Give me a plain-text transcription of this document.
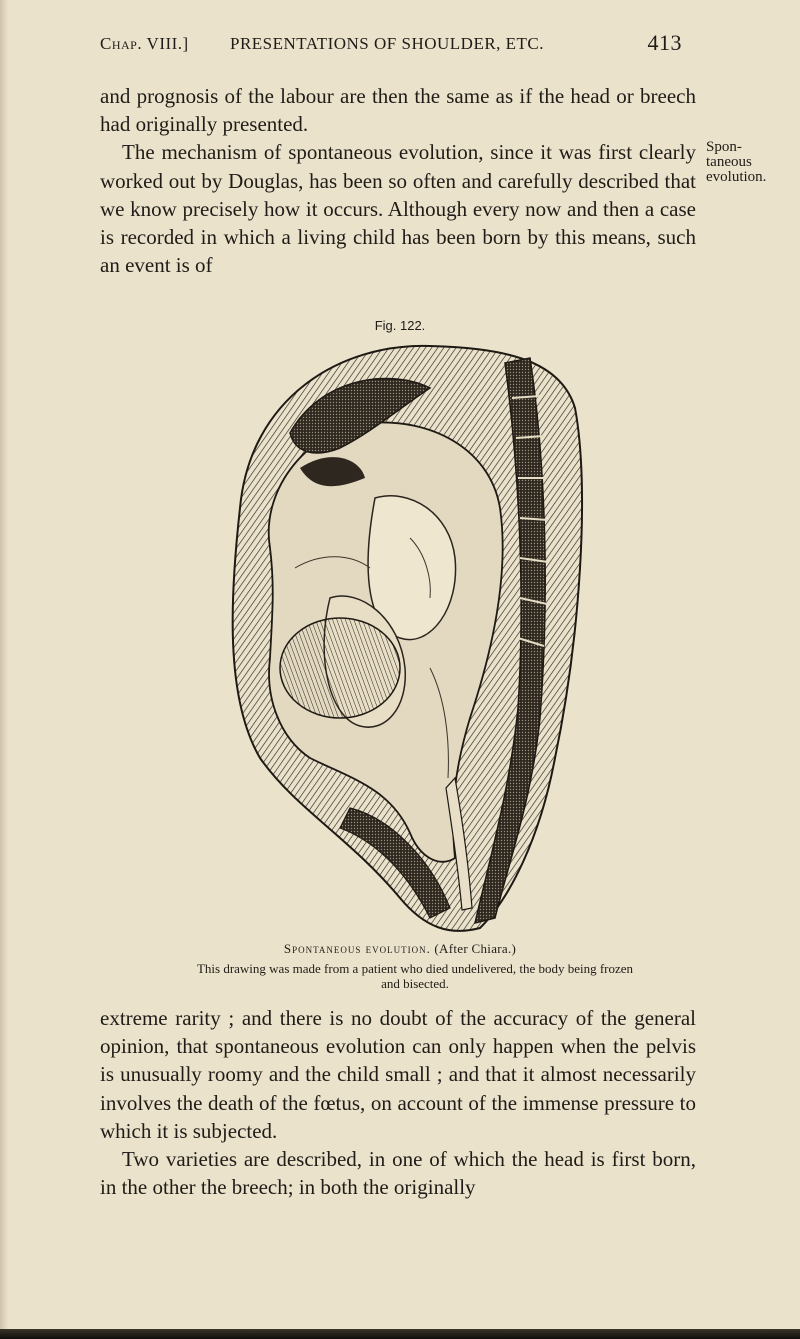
Chap. VIII.] PRESENTATIONS OF SHOULDER, ETC.	413

and prognosis of the labour are then the same as if the head or breech had originally presented.

The mechanism of spontaneous evolution, since it was first clearly worked out by Douglas, has been so often and carefully described that we know precisely how it occurs. Although every now and then a case is recorded in which a living child has been born by this means, such an event is of

Spon-
taneous
evolution.
Fig. 122.
Spontaneous evolution. (After Chiara.)
This drawing was made from a patient who died undelivered, the body being frozen and bisected.

extreme rarity ; and there is no doubt of the accuracy of the general opinion, that spontaneous evolution can only happen when the pelvis is unusually roomy and the child small ; and that it almost necessarily involves the death of the fœtus, on account of the immense pressure to which it is subjected.

Two varieties are described, in one of which the head is first born, in the other the breech; in both the originally
